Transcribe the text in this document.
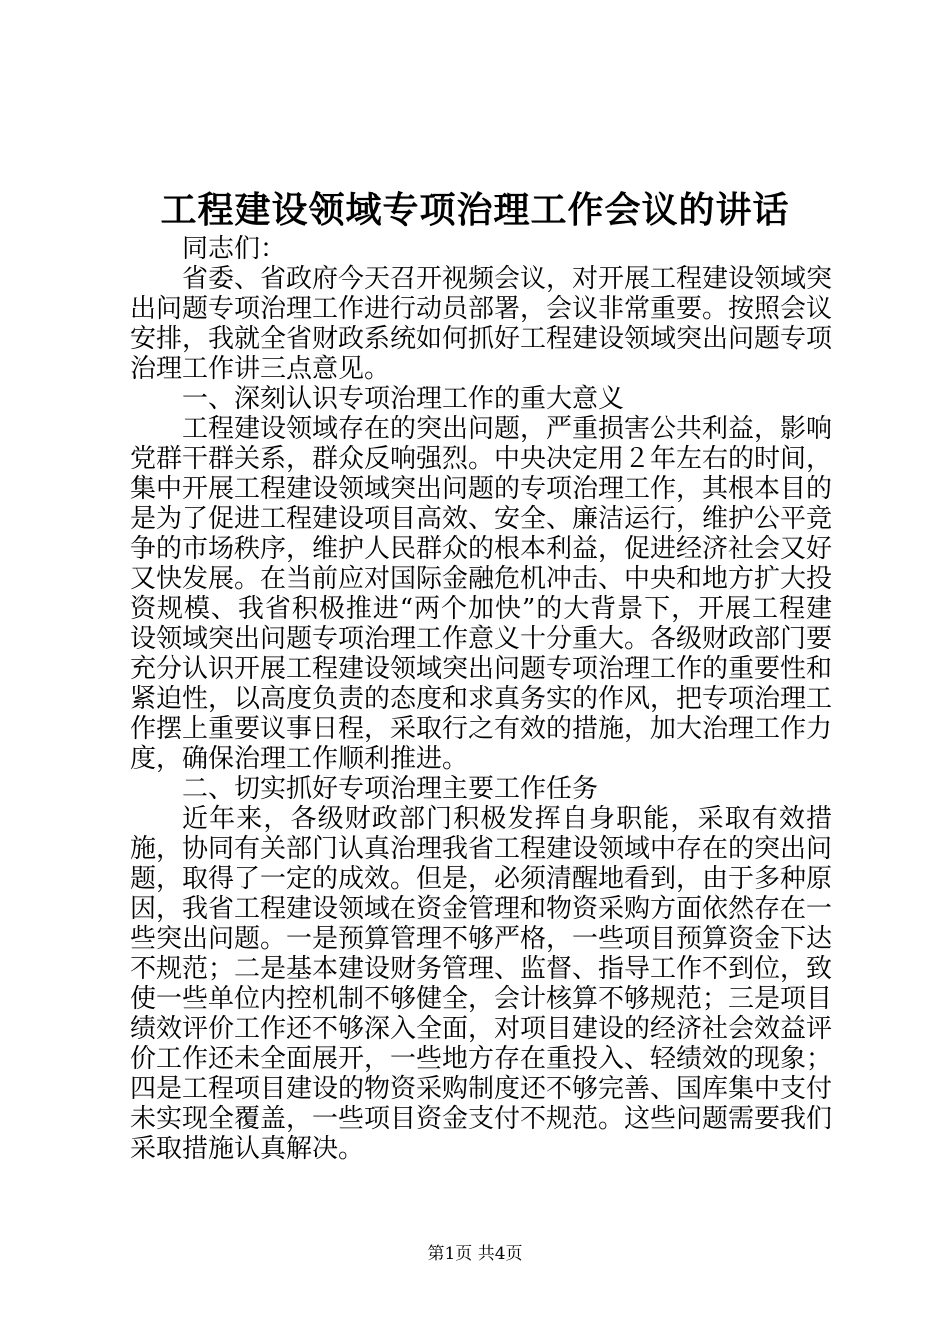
工程建设领域专项治理工作会议的讲话

同志们：

省委、省政府今天召开视频会议，对开展工程建设领域突出问题专项治理工作进行动员部署，会议非常重要。按照会议安排，我就全省财政系统如何抓好工程建设领域突出问题专项治理工作讲三点意见。

一、深刻认识专项治理工作的重大意义

工程建设领域存在的突出问题，严重损害公共利益，影响党群干群关系，群众反响强烈。中央决定用２年左右的时间，集中开展工程建设领域突出问题的专项治理工作，其根本目的是为了促进工程建设项目高效、安全、廉洁运行，维护公平竞争的市场秩序，维护人民群众的根本利益，促进经济社会又好又快发展。在当前应对国际金融危机冲击、中央和地方扩大投资规模、我省积极推进“两个加快”的大背景下，开展工程建设领域突出问题专项治理工作意义十分重大。各级财政部门要充分认识开展工程建设领域突出问题专项治理工作的重要性和紧迫性，以高度负责的态度和求真务实的作风，把专项治理工作摆上重要议事日程，采取行之有效的措施，加大治理工作力度，确保治理工作顺利推进。

二、切实抓好专项治理主要工作任务

近年来，各级财政部门积极发挥自身职能，采取有效措施，协同有关部门认真治理我省工程建设领域中存在的突出问题，取得了一定的成效。但是，必须清醒地看到，由于多种原因，我省工程建设领域在资金管理和物资采购方面依然存在一些突出问题。一是预算管理不够严格，一些项目预算资金下达不规范；二是基本建设财务管理、监督、指导工作不到位，致使一些单位内控机制不够健全，会计核算不够规范；三是项目绩效评价工作还不够深入全面，对项目建设的经济社会效益评价工作还未全面展开，一些地方存在重投入、轻绩效的现象；四是工程项目建设的物资采购制度还不够完善、国库集中支付未实现全覆盖，一些项目资金支付不规范。这些问题需要我们采取措施认真解决。

第1页 共4页
